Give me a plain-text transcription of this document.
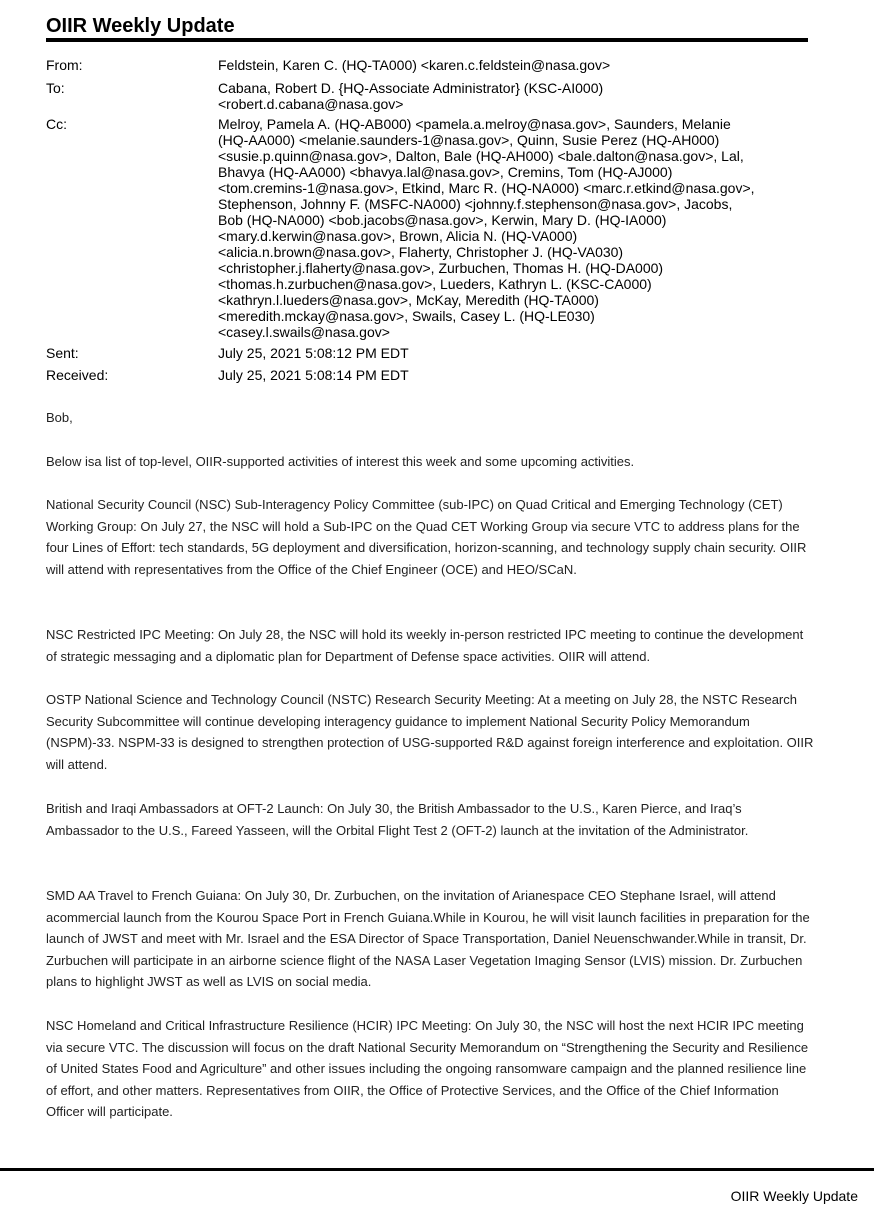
OIIR Weekly Update
From:	Feldstein, Karen C. (HQ-TA000) <karen.c.feldstein@nasa.gov>
To:	Cabana, Robert D. {HQ-Associate Administrator} (KSC-AI000)
<robert.d.cabana@nasa.gov>
Cc:	Melroy, Pamela A. (HQ-AB000) <pamela.a.melroy@nasa.gov>, Saunders, Melanie
(HQ-AA000) <melanie.saunders-1@nasa.gov>, Quinn, Susie Perez (HQ-AH000)
<susie.p.quinn@nasa.gov>, Dalton, Bale (HQ-AH000) <bale.dalton@nasa.gov>, Lal,
Bhavya (HQ-AA000) <bhavya.lal@nasa.gov>, Cremins, Tom (HQ-AJ000)
<tom.cremins-1@nasa.gov>, Etkind, Marc R. (HQ-NA000) <marc.r.etkind@nasa.gov>,
Stephenson, Johnny F. (MSFC-NA000) <johnny.f.stephenson@nasa.gov>, Jacobs,
Bob (HQ-NA000) <bob.jacobs@nasa.gov>, Kerwin, Mary D. (HQ-IA000)
<mary.d.kerwin@nasa.gov>, Brown, Alicia N. (HQ-VA000)
<alicia.n.brown@nasa.gov>, Flaherty, Christopher J. (HQ-VA030)
<christopher.j.flaherty@nasa.gov>, Zurbuchen, Thomas H. (HQ-DA000)
<thomas.h.zurbuchen@nasa.gov>, Lueders, Kathryn L. (KSC-CA000)
<kathryn.l.lueders@nasa.gov>, McKay, Meredith (HQ-TA000)
<meredith.mckay@nasa.gov>, Swails, Casey L. (HQ-LE030)
<casey.l.swails@nasa.gov>
Sent:	July 25, 2021 5:08:12 PM EDT
Received:	July 25, 2021 5:08:14 PM EDT
Bob,
Below isa list of top-level, OIIR-supported activities of interest this week and some upcoming activities.
National Security Council (NSC) Sub-Interagency Policy Committee (sub-IPC) on Quad Critical and Emerging Technology (CET) Working Group: On July 27, the NSC will hold a Sub-IPC on the Quad CET Working Group via secure VTC to address plans for the four Lines of Effort: tech standards, 5G deployment and diversification, horizon-scanning, and technology supply chain security. OIIR will attend with representatives from the Office of the Chief Engineer (OCE) and HEO/SCaN.
NSC Restricted IPC Meeting: On July 28, the NSC will hold its weekly in-person restricted IPC meeting to continue the development of strategic messaging and a diplomatic plan for Department of Defense space activities. OIIR will attend.
OSTP National Science and Technology Council (NSTC) Research Security Meeting: At a meeting on July 28, the NSTC Research Security Subcommittee will continue developing interagency guidance to implement National Security Policy Memorandum (NSPM)-33. NSPM-33 is designed to strengthen protection of USG-supported R&D against foreign interference and exploitation. OIIR will attend.
British and Iraqi Ambassadors at OFT-2 Launch: On July 30, the British Ambassador to the U.S., Karen Pierce, and Iraq’s Ambassador to the U.S., Fareed Yasseen, will the Orbital Flight Test 2 (OFT-2) launch at the invitation of the Administrator.
SMD AA Travel to French Guiana: On July 30, Dr. Zurbuchen, on the invitation of Arianespace CEO Stephane Israel, will attend acommercial launch from the Kourou Space Port in French Guiana.While in Kourou, he will visit launch facilities in preparation for the launch of JWST and meet with Mr. Israel and the ESA Director of Space Transportation, Daniel Neuenschwander.While in transit, Dr. Zurbuchen will participate in an airborne science flight of the NASA Laser Vegetation Imaging Sensor (LVIS) mission. Dr. Zurbuchen plans to highlight JWST as well as LVIS on social media.
NSC Homeland and Critical Infrastructure Resilience (HCIR) IPC Meeting: On July 30, the NSC will host the next HCIR IPC meeting via secure VTC. The discussion will focus on the draft National Security Memorandum on “Strengthening the Security and Resilience of United States Food and Agriculture” and other issues including the ongoing ransomware campaign and the planned resilience line of effort, and other matters. Representatives from OIIR, the Office of Protective Services, and the Office of the Chief Information Officer will participate.
OIIR Weekly Update
